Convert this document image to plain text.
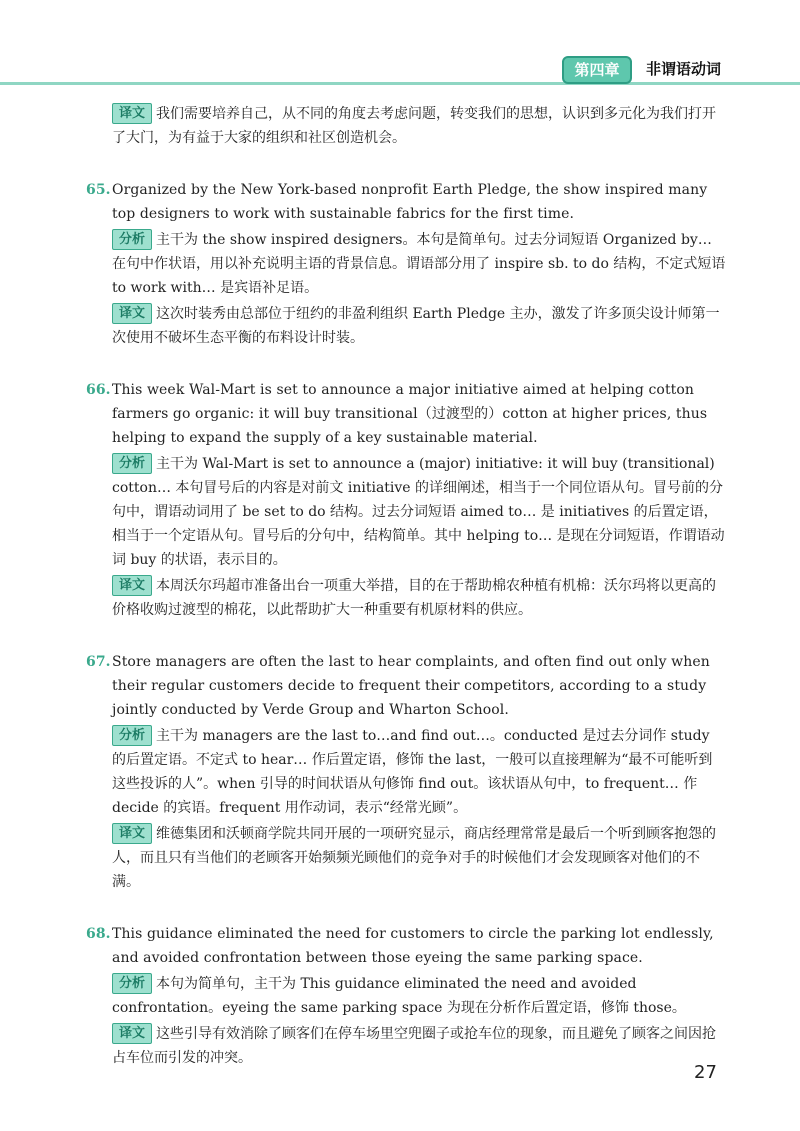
第四章	非谓语动词
译文 我们需要培养自己，从不同的角度去考虑问题，转变我们的思想，认识到多元化为我们打开了大门，为有益于大家的组织和社区创造机会。
65. Organized by the New York-based nonprofit Earth Pledge, the show inspired many top designers to work with sustainable fabrics for the first time.
分析 主干为 the show inspired designers。本句是简单句。过去分词短语 Organized by… 在句中作状语，用以补充说明主语的背景信息。谓语部分用了 inspire sb. to do 结构，不定式短语 to work with… 是宾语补足语。
译文 这次时装秀由总部位于纽约的非盈利组织 Earth Pledge 主办，激发了许多顶尖设计师第一次使用不破坏生态平衡的布料设计时装。
66. This week Wal-Mart is set to announce a major initiative aimed at helping cotton farmers go organic: it will buy transitional（过渡型的）cotton at higher prices, thus helping to expand the supply of a key sustainable material.
分析 主干为 Wal-Mart is set to announce a (major) initiative: it will buy (transitional) cotton… 本句冒号后的内容是对前文 initiative 的详细阐述，相当于一个同位语从句。冒号前的分句中，谓语动词用了 be set to do 结构。过去分词短语 aimed to… 是 initiatives 的后置定语，相当于一个定语从句。冒号后的分句中，结构简单。其中 helping to… 是现在分词短语，作谓语动词 buy 的状语，表示目的。
译文 本周沃尔玛超市准备出台一项重大举措，目的在于帮助棉农种植有机棉：沃尔玛将以更高的价格收购过渡型的棉花，以此帮助扩大一种重要有机原材料的供应。
67. Store managers are often the last to hear complaints, and often find out only when their regular customers decide to frequent their competitors, according to a study jointly conducted by Verde Group and Wharton School.
分析 主干为 managers are the last to…and find out…。conducted 是过去分词作 study 的后置定语。不定式 to hear… 作后置定语，修饰 the last，一般可以直接理解为“最不可能听到这些投诉的人”。when 引导的时间状语从句修饰 find out。该状语从句中，to frequent… 作 decide 的宾语。frequent 用作动词，表示“经常光顾”。
译文 维德集团和沃顿商学院共同开展的一项研究显示，商店经理常常是最后一个听到顾客抱怨的人，而且只有当他们的老顾客开始频频光顾他们的竞争对手的时候他们才会发现顾客对他们的不满。
68. This guidance eliminated the need for customers to circle the parking lot endlessly, and avoided confrontation between those eyeing the same parking space.
分析 本句为简单句，主干为 This guidance eliminated the need and avoided confrontation。eyeing the same parking space 为现在分析作后置定语，修饰 those。
译文 这些引导有效消除了顾客们在停车场里空兜圈子或抢车位的现象，而且避免了顾客之间因抢占车位而引发的冲突。
27
